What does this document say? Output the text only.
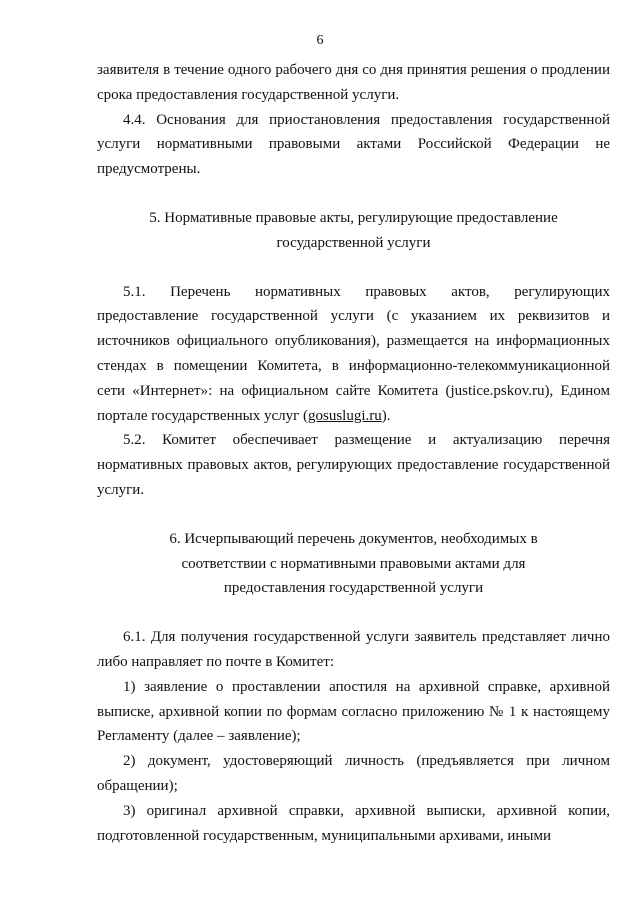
6

заявителя в течение одного рабочего дня со дня принятия решения о продлении срока предоставления государственной услуги.

4.4. Основания для приостановления предоставления государственной услуги нормативными правовыми актами Российской Федерации не предусмотрены.

5. Нормативные правовые акты, регулирующие предоставление государственной услуги

5.1. Перечень нормативных правовых актов, регулирующих предоставление государственной услуги (с указанием их реквизитов и источников официального опубликования), размещается на информационных стендах в помещении Комитета, в информационно-телекоммуникационной сети «Интернет»: на официальном сайте Комитета (justice.pskov.ru), Едином портале государственных услуг (gosuslugi.ru).

5.2. Комитет обеспечивает размещение и актуализацию перечня нормативных правовых актов, регулирующих предоставление государственной услуги.

6. Исчерпывающий перечень документов, необходимых в соответствии с нормативными правовыми актами для предоставления государственной услуги

6.1. Для получения государственной услуги заявитель представляет лично либо направляет по почте в Комитет:

1) заявление о проставлении апостиля на архивной справке, архивной выписке, архивной копии по формам согласно приложению № 1 к настоящему Регламенту (далее – заявление);

2) документ, удостоверяющий личность (предъявляется при личном обращении);

3) оригинал архивной справки, архивной выписки, архивной копии, подготовленной государственным, муниципальными архивами, иными
